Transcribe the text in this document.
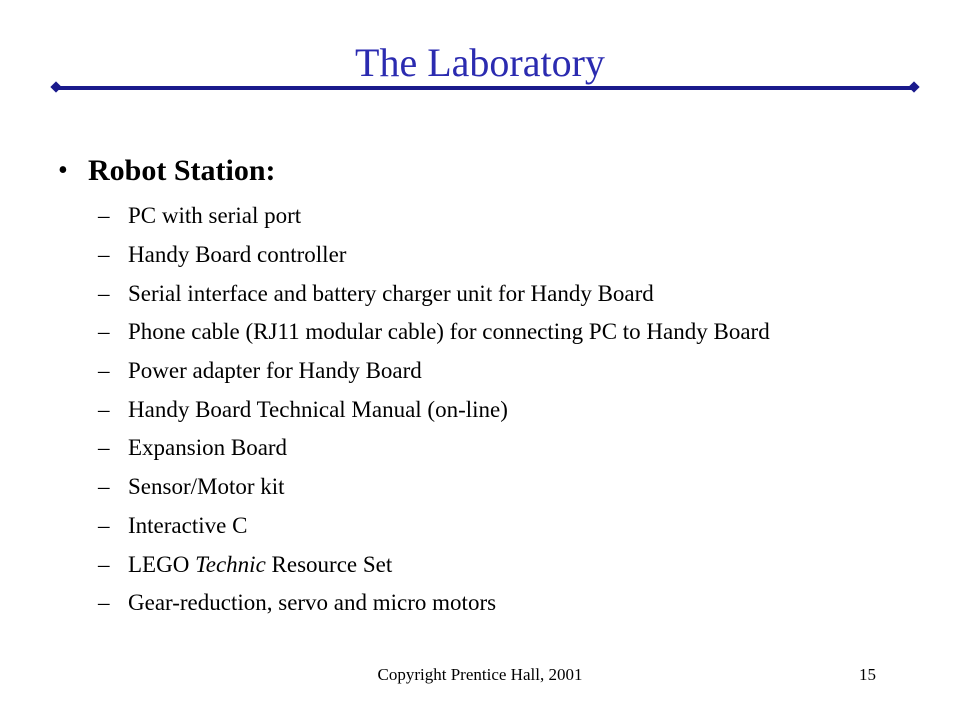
The Laboratory
• Robot Station:
– PC with serial port
– Handy Board controller
– Serial interface and battery charger unit for Handy Board
– Phone cable (RJ11 modular cable) for connecting PC to Handy Board
– Power adapter for Handy Board
– Handy Board Technical Manual (on-line)
– Expansion Board
– Sensor/Motor kit
– Interactive C
– LEGO Technic Resource Set
– Gear-reduction, servo and micro motors
Copyright Prentice Hall, 2001	15
